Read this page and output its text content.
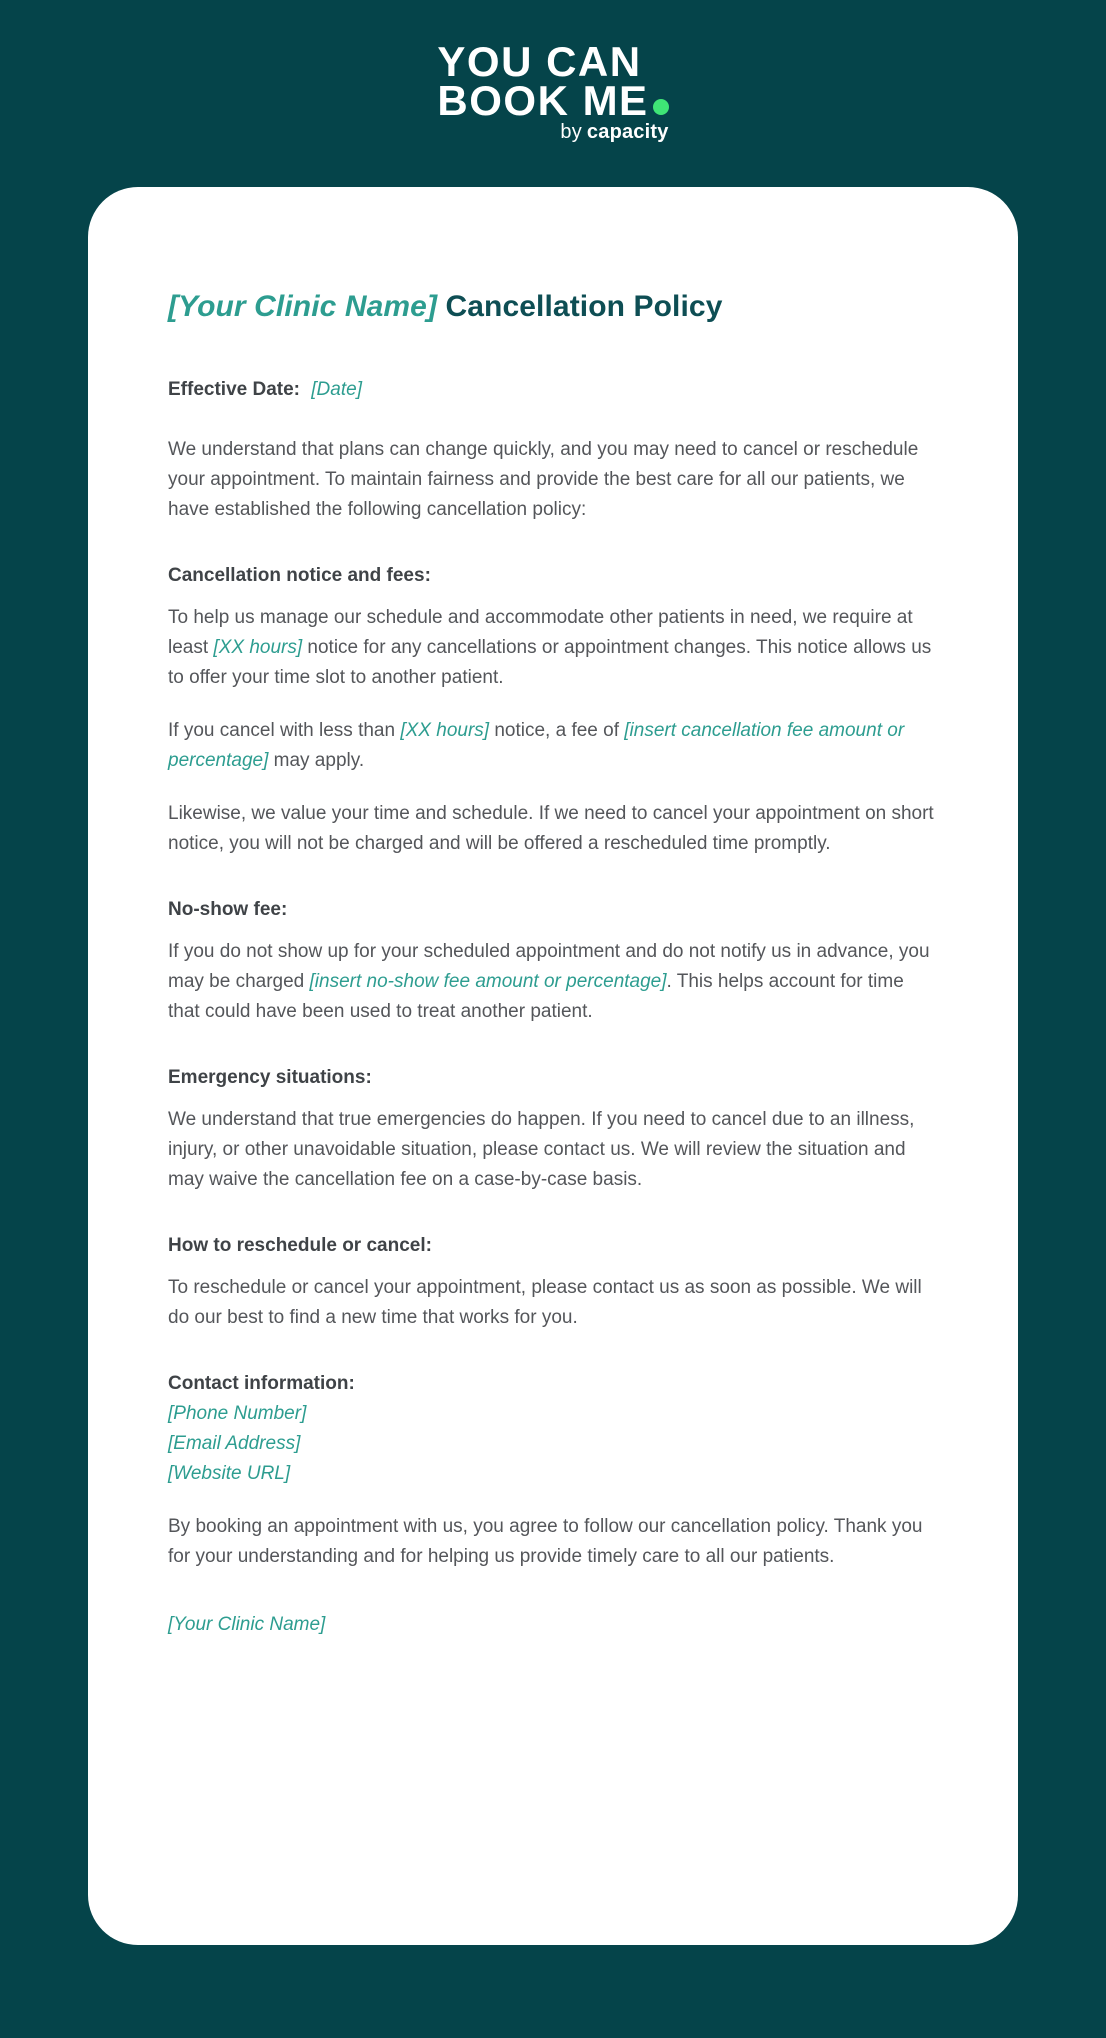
YOU CAN
BOOK ME
by capacity
[Your Clinic Name] Cancellation Policy

Effective Date: [Date]

We understand that plans can change quickly, and you may need to cancel or reschedule your appointment. To maintain fairness and provide the best care for all our patients, we have established the following cancellation policy:

Cancellation notice and fees:

To help us manage our schedule and accommodate other patients in need, we require at least [XX hours] notice for any cancellations or appointment changes. This notice allows us to offer your time slot to another patient.

If you cancel with less than [XX hours] notice, a fee of [insert cancellation fee amount or percentage] may apply.

Likewise, we value your time and schedule. If we need to cancel your appointment on short notice, you will not be charged and will be offered a rescheduled time promptly.

No-show fee:

If you do not show up for your scheduled appointment and do not notify us in advance, you may be charged [insert no-show fee amount or percentage]. This helps account for time that could have been used to treat another patient.

Emergency situations:

We understand that true emergencies do happen. If you need to cancel due to an illness, injury, or other unavoidable situation, please contact us. We will review the situation and may waive the cancellation fee on a case-by-case basis.

How to reschedule or cancel:

To reschedule or cancel your appointment, please contact us as soon as possible. We will do our best to find a new time that works for you.

Contact information:
[Phone Number]
[Email Address]
[Website URL]

By booking an appointment with us, you agree to follow our cancellation policy. Thank you for your understanding and for helping us provide timely care to all our patients.

[Your Clinic Name]
